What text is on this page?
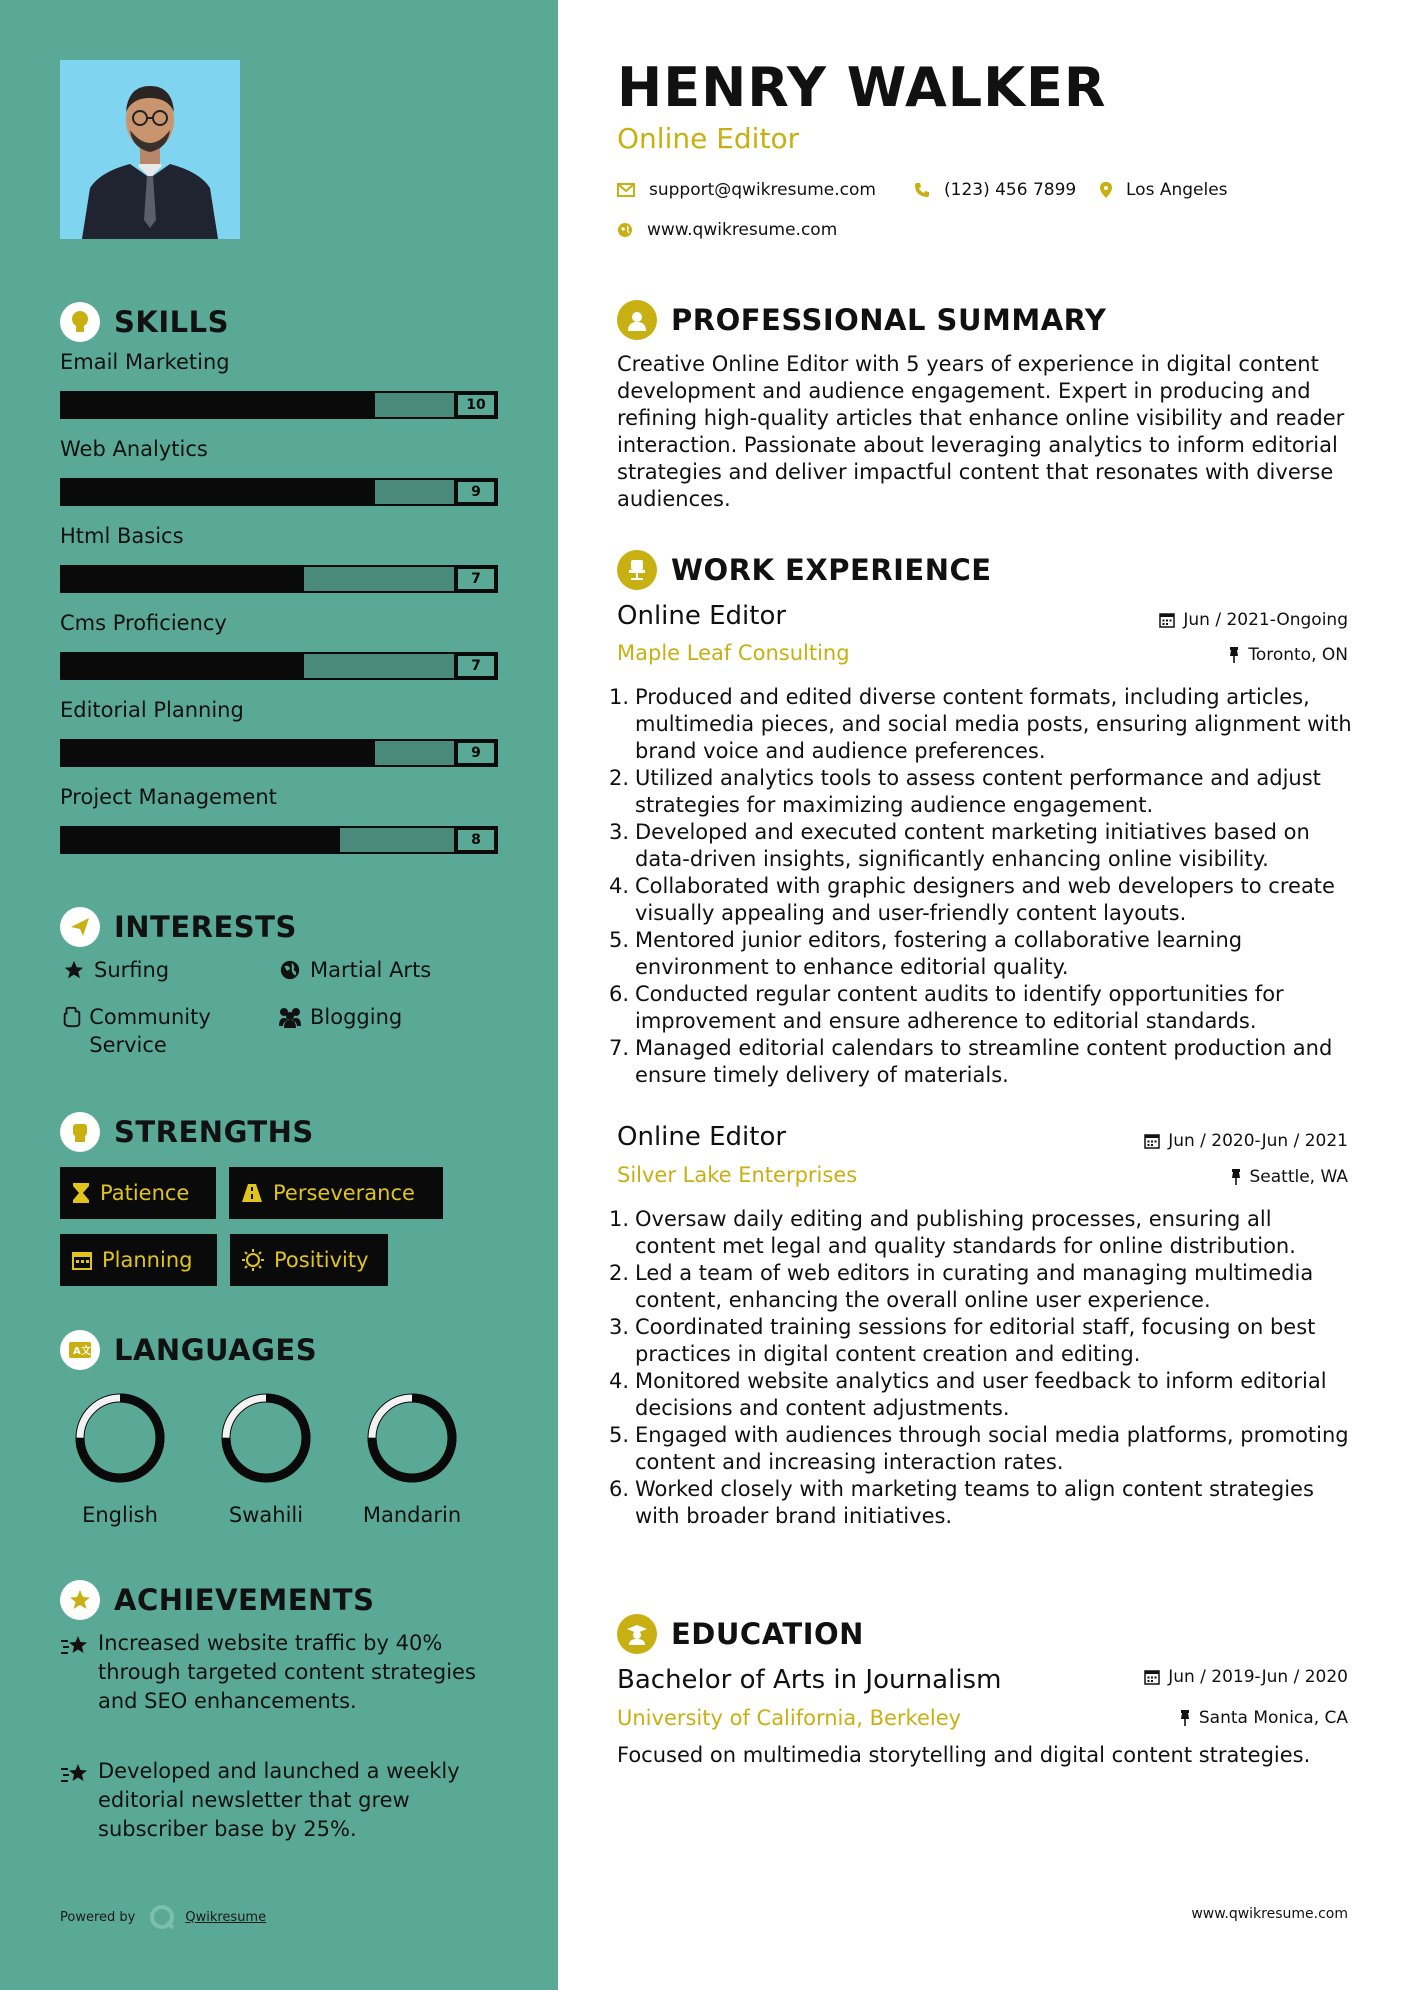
SKILLS
Email Marketing
10
Web Analytics
9
Html Basics
7
Cms Proficiency
7
Editorial Planning
9
Project Management
8
INTERESTS
Surfing	Martial Arts
Community Service
Blogging
STRENGTHS
Patience	Perseverance
Planning	Positivity
A 文 LANGUAGES
English	Swahili	Mandarin
ACHIEVEMENTS
Increased website traffic by 40% through targeted content strategies and SEO enhancements.
Developed and launched a weekly editorial newsletter that grew subscriber base by 25%.
Powered by	Qwikresume
HENRY WALKER
Online Editor
support@qwikresume.com	(123) 456 7899	Los Angeles
www.qwikresume.com
PROFESSIONAL SUMMARY
Creative Online Editor with 5 years of experience in digital content development and audience engagement. Expert in producing and refining high-quality articles that enhance online visibility and reader interaction. Passionate about leveraging analytics to inform editorial strategies and deliver impactful content that resonates with diverse audiences.
WORK EXPERIENCE
Online Editor	Jun / 2021-Ongoing
Maple Leaf Consulting	Toronto, ON
1. Produced and edited diverse content formats, including articles, multimedia pieces, and social media posts, ensuring alignment with brand voice and audience preferences.
2. Utilized analytics tools to assess content performance and adjust strategies for maximizing audience engagement.
3. Developed and executed content marketing initiatives based on data-driven insights, significantly enhancing online visibility.
4. Collaborated with graphic designers and web developers to create visually appealing and user-friendly content layouts.
5. Mentored junior editors, fostering a collaborative learning environment to enhance editorial quality.
6. Conducted regular content audits to identify opportunities for improvement and ensure adherence to editorial standards.
7. Managed editorial calendars to streamline content production and ensure timely delivery of materials.
Online Editor	Jun / 2020-Jun / 2021
Silver Lake Enterprises	Seattle, WA
1. Oversaw daily editing and publishing processes, ensuring all content met legal and quality standards for online distribution.
2. Led a team of web editors in curating and managing multimedia content, enhancing the overall online user experience.
3. Coordinated training sessions for editorial staff, focusing on best practices in digital content creation and editing.
4. Monitored website analytics and user feedback to inform editorial decisions and content adjustments.
5. Engaged with audiences through social media platforms, promoting content and increasing interaction rates.
6. Worked closely with marketing teams to align content strategies with broader brand initiatives.
EDUCATION
Bachelor of Arts in Journalism	Jun / 2019-Jun / 2020
University of California, Berkeley	Santa Monica, CA
Focused on multimedia storytelling and digital content strategies.
www.qwikresume.com
